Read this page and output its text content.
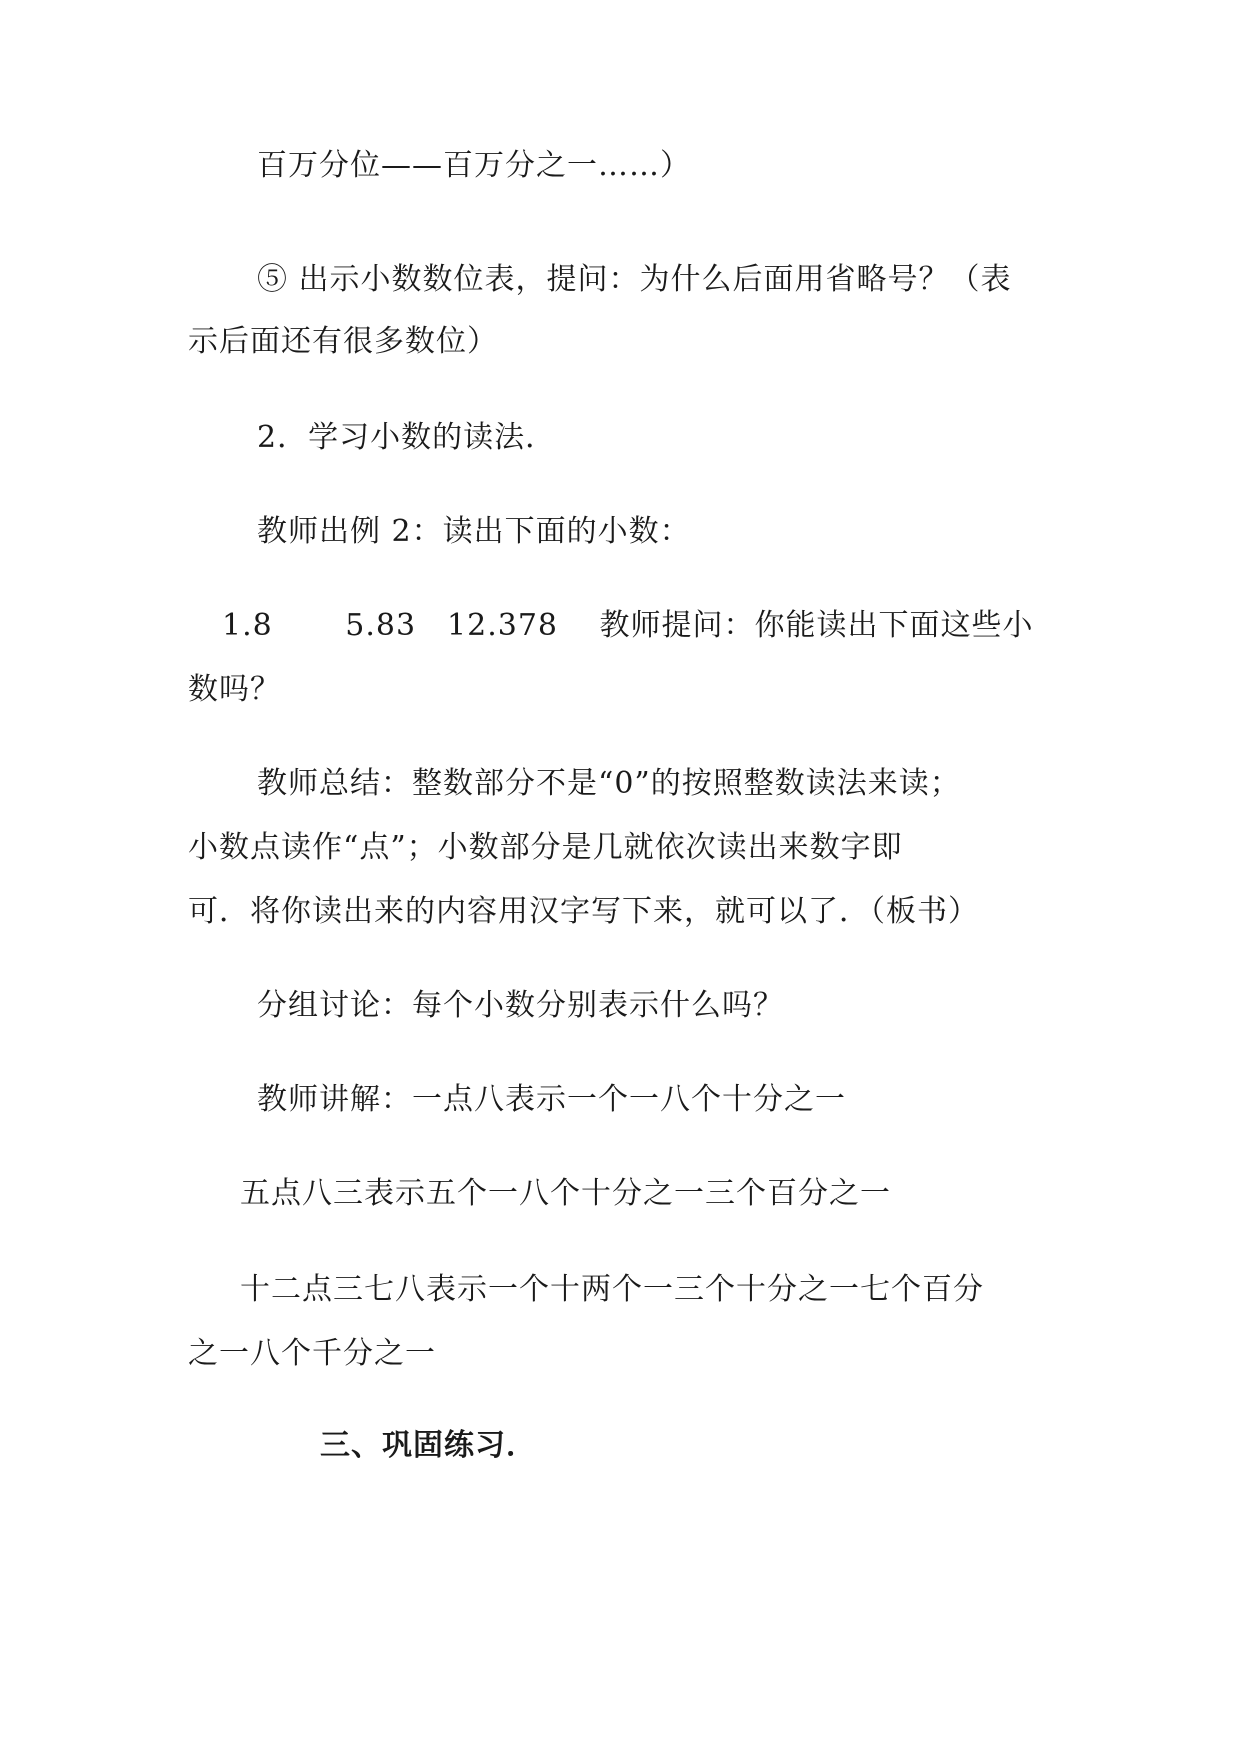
百万分位——百万分之一……）
⑤ 出示小数数位表，提问：为什么后面用省略号？（表
示后面还有很多数位）
2．学习小数的读法．
教师出例 2：读出下面的小数：
1.8　　 5.83　12.378　 教师提问：你能读出下面这些小
数吗？
教师总结：整数部分不是“0”的按照整数读法来读；
小数点读作“点”；小数部分是几就依次读出来数字即
可．将你读出来的内容用汉字写下来，就可以了．（板书）
分组讨论：每个小数分别表示什么吗？
教师讲解：一点八表示一个一八个十分之一
五点八三表示五个一八个十分之一三个百分之一
十二点三七八表示一个十两个一三个十分之一七个百分
之一八个千分之一
三、巩固练习．
